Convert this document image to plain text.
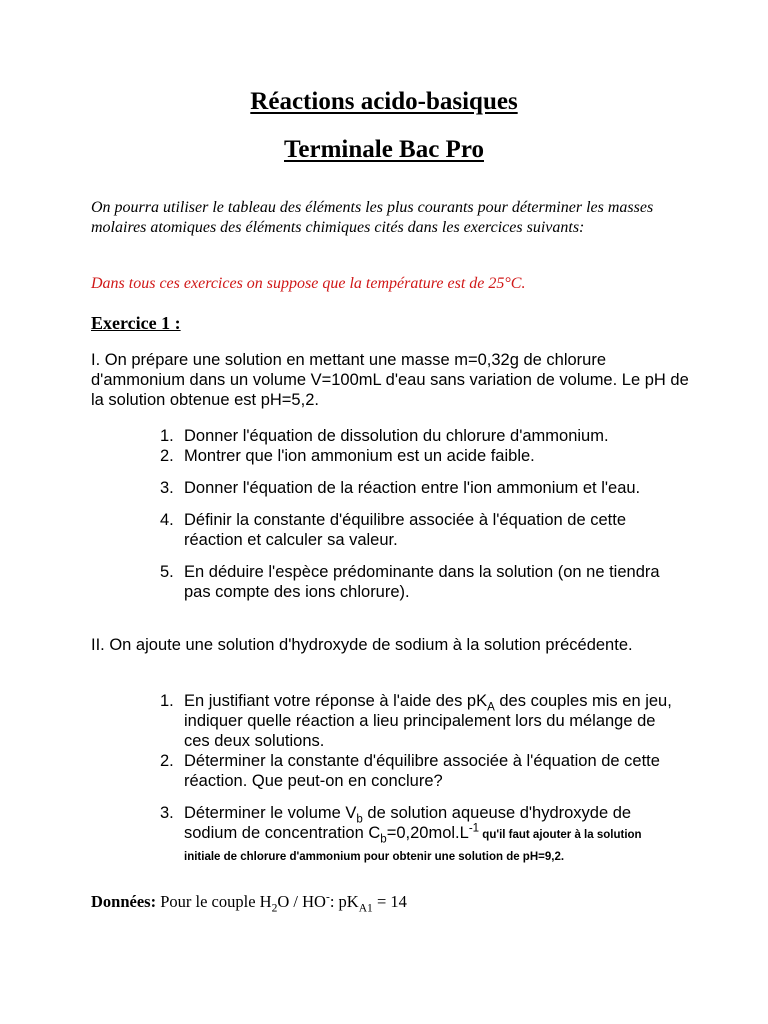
Réactions acido-basiques
Terminale Bac Pro
On pourra utiliser le tableau des éléments les plus courants pour déterminer les masses molaires atomiques des éléments chimiques cités dans les exercices suivants:
Dans tous ces exercices on suppose que la température est de 25°C.
Exercice 1 :
I. On prépare une solution en mettant une masse m=0,32g de chlorure d'ammonium dans un volume V=100mL d'eau sans variation de volume. Le pH de la solution obtenue est pH=5,2.
1. Donner l'équation de dissolution du chlorure d'ammonium.
2. Montrer que l'ion ammonium est un acide faible.
3. Donner l'équation de la réaction entre l'ion ammonium et l'eau.
4. Définir la constante d'équilibre associée à l'équation de cette réaction et calculer sa valeur.
5. En déduire l'espèce prédominante dans la solution (on ne tiendra pas compte des ions chlorure).
II. On ajoute une solution d'hydroxyde de sodium à la solution précédente.
1. En justifiant votre réponse à l'aide des $pK_A$ des couples mis en jeu, indiquer quelle réaction a lieu principalement lors du mélange de ces deux solutions.
2. Déterminer la constante d'équilibre associée à l'équation de cette réaction. Que peut-on en conclure?
3. Déterminer le volume $V_b$ de solution aqueuse d'hydroxyde de sodium de concentration $C_b=0,20mol.L^{-1}$ qu'il faut ajouter à la solution initiale de chlorure d'ammonium pour obtenir une solution de pH=9,2.
Données: Pour le couple $H_2O / HO^-$: $pK_{A1} = 14$
